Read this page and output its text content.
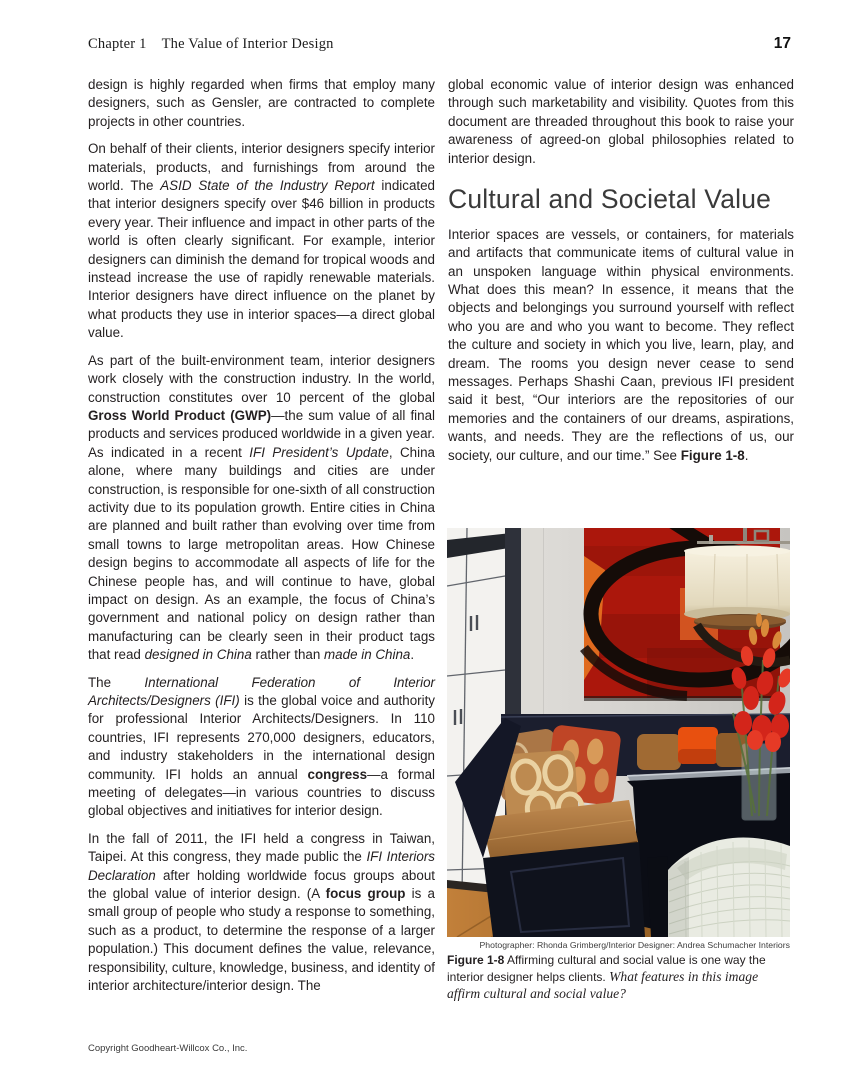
Chapter 1 The Value of Interior Design	17

design is highly regarded when firms that employ many designers, such as Gensler, are contracted to complete projects in other countries.

On behalf of their clients, interior designers specify interior materials, products, and furnishings from around the world. The ASID State of the Industry Report indicated that interior designers specify over $46 billion in products every year. Their influence and impact in other parts of the world is often clearly significant. For example, interior designers can diminish the demand for tropical woods and instead increase the use of rapidly renewable materials. Interior designers have direct influence on the planet by what products they use in interior spaces—a direct global value.

As part of the built-environment team, interior designers work closely with the construction industry. In the world, construction constitutes over 10 percent of the global Gross World Product (GWP)—the sum value of all final products and services produced worldwide in a given year. As indicated in a recent IFI President’s Update, China alone, where many buildings and cities are under construction, is responsible for one-sixth of all construction activity due to its population growth. Entire cities in China are planned and built rather than evolving over time from small towns to large metropolitan areas. How Chinese design begins to accommodate all aspects of life for the Chinese people has, and will continue to have, global impact on design. As an example, the focus of China’s government and national policy on design rather than manufacturing can be clearly seen in their product tags that read designed in China rather than made in China.

The International Federation of Interior Architects/Designers (IFI) is the global voice and authority for professional Interior Architects/Designers. In 110 countries, IFI represents 270,000 designers, educators, and industry stakeholders in the international design community. IFI holds an annual congress—a formal meeting of delegates—in various countries to discuss global objectives and initiatives for interior design.

In the fall of 2011, the IFI held a congress in Taiwan, Taipei. At this congress, they made public the IFI Interiors Declaration after holding worldwide focus groups about the global value of interior design. (A focus group is a small group of people who study a response to something, such as a product, to determine the response of a larger population.) This document defines the value, relevance, responsibility, culture, knowledge, business, and identity of interior architecture/interior design. The

global economic value of interior design was enhanced through such marketability and visibility. Quotes from this document are threaded throughout this book to raise your awareness of agreed-on global philosophies related to interior design.

Cultural and Societal Value

Interior spaces are vessels, or containers, for materials and artifacts that communicate items of cultural value in an unspoken language within physical environments. What does this mean? In essence, it means that the objects and belongings you surround yourself with reflect who you are and who you want to become. They reflect the culture and society in which you live, learn, play, and dream. The rooms you design never cease to send messages. Perhaps Shashi Caan, previous IFI president said it best, “Our interiors are the repositories of our memories and the containers of our dreams, aspirations, wants, and needs. They are the reflections of us, our society, our culture, and our time.” See Figure 1-8.

Photographer: Rhonda Grimberg/Interior Designer: Andrea Schumacher Interiors
Figure 1-8 Affirming cultural and social value is one way the interior designer helps clients. What features in this image affirm cultural and social value?
Copyright Goodheart-Willcox Co., Inc.
